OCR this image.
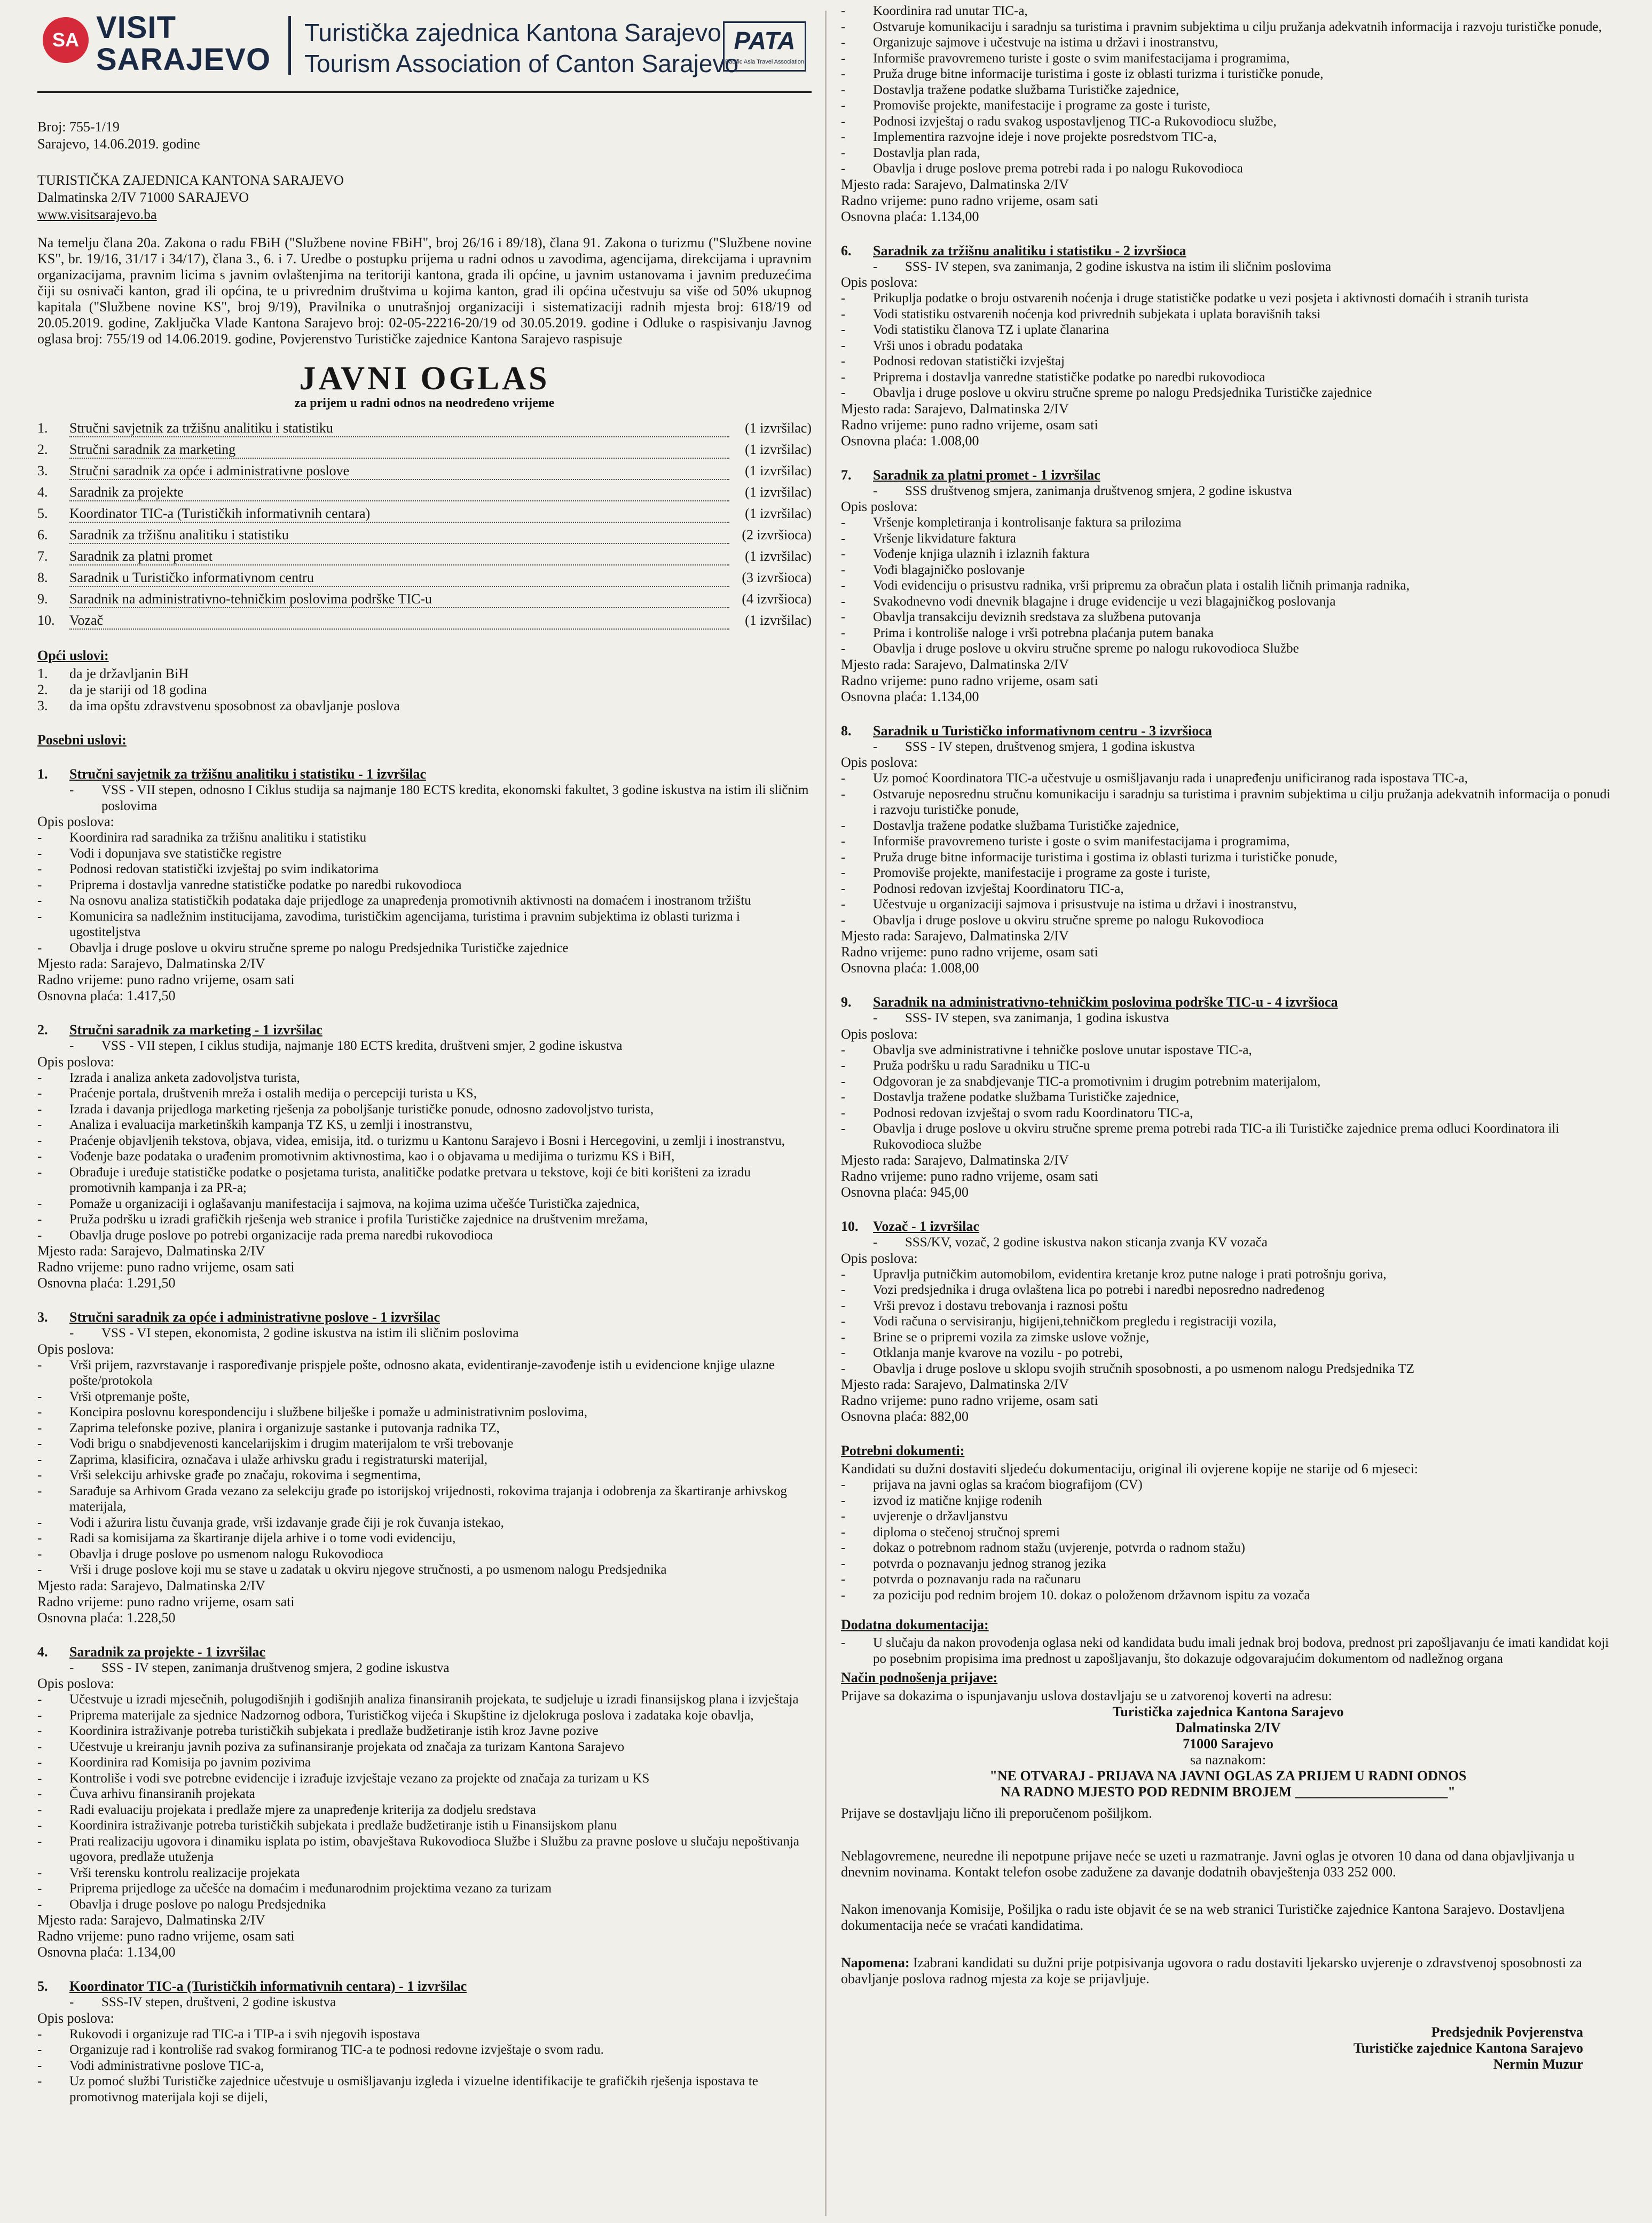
SA VISIT
SARAJEVO
Turistička zajednica Kantona Sarajevo
Tourism Association of Canton Sarajevo
PATA
Pacific Asia Travel Association

Broj: 755-1/19

Sarajevo, 14.06.2019. godine

TURISTIČKA ZAJEDNICA KANTONA SARAJEVO

Dalmatinska 2/IV 71000 SARAJEVO

www.visitsarajevo.ba

Na temelju člana 20a. Zakona o radu FBiH ("Službene novine FBiH", broj 26/16 i 89/18), člana 91. Zakona o turizmu ("Službene novine KS", br. 19/16, 31/17 i 34/17), člana 3., 6. i 7. Uredbe o postupku prijema u radni odnos u zavodima, agencijama, direkcijama i upravnim organizacijama, pravnim licima s javnim ovlaštenjima na teritoriji kantona, grada ili općine, u javnim ustanovama i javnim preduzećima čiji su osnivači kanton, grad ili općina, te u privrednim društvima u kojima kanton, grad ili općina učestvuju sa više od 50% ukupnog kapitala ("Službene novine KS", broj 9/19), Pravilnika o unutrašnjoj organizaciji i sistematizaciji radnih mjesta broj: 618/19 od 20.05.2019. godine, Zaključka Vlade Kantona Sarajevo broj: 02-05-22216-20/19 od 30.05.2019. godine i Odluke o raspisivanju Javnog oglasa broj: 755/19 od 14.06.2019. godine, Povjerenstvo Turističke zajednice Kantona Sarajevo raspisuje

JAVNI OGLAS
za prijem u radni odnos na neodređeno vrijeme
1.	Stručni savjetnik za tržišnu analitiku i statistiku	(1 izvršilac)
2.	Stručni saradnik za marketing	(1 izvršilac)
3.	Stručni saradnik za opće i administrativne poslove	(1 izvršilac)
4.	Saradnik za projekte	(1 izvršilac)
5.	Koordinator TIC-a (Turističkih informativnih centara)	(1 izvršilac)
6.	Saradnik za tržišnu analitiku i statistiku	(2 izvršioca)
7.	Saradnik za platni promet	(1 izvršilac)
8.	Saradnik u Turističko informativnom centru	(3 izvršioca)
9.	Saradnik na administrativno-tehničkim poslovima podrške TIC-u	(4 izvršioca)
10.	Vozač	(1 izvršilac)
Opći uslovi:
1.	da je državljanin BiH
2.	da je stariji od 18 godina
3.	da ima opštu zdravstvenu sposobnost za obavljanje poslova
Posebni uslovi:
1. Stručni savjetnik za tržišnu analitiku i statistiku - 1 izvršilac
-	VSS - VII stepen, odnosno I Ciklus studija sa najmanje 180 ECTS kredita, ekonomski fakultet, 3 godine iskustva na istim ili sličnim poslovima

Opis poslova:

-	Koordinira rad saradnika za tržišnu analitiku i statistiku
-	Vodi i dopunjava sve statističke registre
-	Podnosi redovan statistički izvještaj po svim indikatorima
-	Priprema i dostavlja vanredne statističke podatke po naredbi rukovodioca
-	Na osnovu analiza statističkih podataka daje prijedloge za unapređenja promotivnih aktivnosti na domaćem i inostranom tržištu
-	Komunicira sa nadležnim institucijama, zavodima, turističkim agencijama, turistima i pravnim subjektima iz oblasti turizma i ugostiteljstva
-	Obavlja i druge poslove u okviru stručne spreme po nalogu Predsjednika Turističke zajednice

Mjesto rada: Sarajevo, Dalmatinska 2/IV

Radno vrijeme: puno radno vrijeme, osam sati

Osnovna plaća: 1.417,50

2. Stručni saradnik za marketing - 1 izvršilac
-	VSS - VII stepen, I ciklus studija, najmanje 180 ECTS kredita, društveni smjer, 2 godine iskustva

Opis poslova:

-	Izrada i analiza anketa zadovoljstva turista,
-	Praćenje portala, društvenih mreža i ostalih medija o percepciji turista u KS,
-	Izrada i davanja prijedloga marketing rješenja za poboljšanje turističke ponude, odnosno zadovoljstvo turista,
-	Analiza i evaluacija marketinških kampanja TZ KS, u zemlji i inostranstvu,
-	Praćenje objavljenih tekstova, objava, videa, emisija, itd. o turizmu u Kantonu Sarajevo i Bosni i Hercegovini, u zemlji i inostranstvu,
-	Vođenje baze podataka o urađenim promotivnim aktivnostima, kao i o objavama u medijima o turizmu KS i BiH,
-	Obrađuje i uređuje statističke podatke o posjetama turista, analitičke podatke pretvara u tekstove, koji će biti korišteni za izradu promotivnih kampanja i za PR-a;
-	Pomaže u organizaciji i oglašavanju manifestacija i sajmova, na kojima uzima učešće Turistička zajednica,
-	Pruža podršku u izradi grafičkih rješenja web stranice i profila Turističke zajednice na društvenim mrežama,
-	Obavlja druge poslove po potrebi organizacije rada prema naredbi rukovodioca

Mjesto rada: Sarajevo, Dalmatinska 2/IV

Radno vrijeme: puno radno vrijeme, osam sati

Osnovna plaća: 1.291,50

3. Stručni saradnik za opće i administrativne poslove - 1 izvršilac
-	VSS - VI stepen, ekonomista, 2 godine iskustva na istim ili sličnim poslovima

Opis poslova:

-	Vrši prijem, razvrstavanje i raspoređivanje prispjele pošte, odnosno akata, evidentiranje-zavođenje istih u evidencione knjige ulazne pošte/protokola
-	Vrši otpremanje pošte,
-	Koncipira poslovnu korespondenciju i službene bilješke i pomaže u administrativnim poslovima,
-	Zaprima telefonske pozive, planira i organizuje sastanke i putovanja radnika TZ,
-	Vodi brigu o snabdjevenosti kancelarijskim i drugim materijalom te vrši trebovanje
-	Zaprima, klasificira, označava i ulaže arhivsku građu i registraturski materijal,
-	Vrši selekciju arhivske građe po značaju, rokovima i segmentima,
-	Sarađuje sa Arhivom Grada vezano za selekciju građe po istorijskoj vrijednosti, rokovima trajanja i odobrenja za škartiranje arhivskog materijala,
-	Vodi i ažurira listu čuvanja građe, vrši izdavanje građe čiji je rok čuvanja istekao,
-	Radi sa komisijama za škartiranje dijela arhive i o tome vodi evidenciju,
-	Obavlja i druge poslove po usmenom nalogu Rukovodioca
-	Vrši i druge poslove koji mu se stave u zadatak u okviru njegove stručnosti, a po usmenom nalogu Predsjednika

Mjesto rada: Sarajevo, Dalmatinska 2/IV

Radno vrijeme: puno radno vrijeme, osam sati

Osnovna plaća: 1.228,50

4. Saradnik za projekte - 1 izvršilac
-	SSS - IV stepen, zanimanja društvenog smjera, 2 godine iskustva

Opis poslova:

-	Učestvuje u izradi mjesečnih, polugodišnjih i godišnjih analiza finansiranih projekata, te sudjeluje u izradi finansijskog plana i izvještaja
-	Priprema materijale za sjednice Nadzornog odbora, Turističkog vijeća i Skupštine iz djelokruga poslova i zadataka koje obavlja,
-	Koordinira istraživanje potreba turističkih subjekata i predlaže budžetiranje istih kroz Javne pozive
-	Učestvuje u kreiranju javnih poziva za sufinansiranje projekata od značaja za turizam Kantona Sarajevo
-	Koordinira rad Komisija po javnim pozivima
-	Kontroliše i vodi sve potrebne evidencije i izrađuje izvještaje vezano za projekte od značaja za turizam u KS
-	Čuva arhivu finansiranih projekata
-	Radi evaluaciju projekata i predlaže mjere za unapređenje kriterija za dodjelu sredstava
-	Koordinira istraživanje potreba turističkih subjekata i predlaže budžetiranje istih u Finansijskom planu
-	Prati realizaciju ugovora i dinamiku isplata po istim, obavještava Rukovodioca Službe i Službu za pravne poslove u slučaju nepoštivanja ugovora, predlaže utuženja
-	Vrši terensku kontrolu realizacije projekata
-	Priprema prijedloge za učešće na domaćim i međunarodnim projektima vezano za turizam
-	Obavlja i druge poslove po nalogu Predsjednika

Mjesto rada: Sarajevo, Dalmatinska 2/IV

Radno vrijeme: puno radno vrijeme, osam sati

Osnovna plaća: 1.134,00

5. Koordinator TIC-a (Turističkih informativnih centara) - 1 izvršilac
-	SSS-IV stepen, društveni, 2 godine iskustva

Opis poslova:

-	Rukovodi i organizuje rad TIC-a i TIP-a i svih njegovih ispostava
-	Organizuje rad i kontroliše rad svakog formiranog TIC-a te podnosi redovne izvještaje o svom radu.
-	Vodi administrativne poslove TIC-a,
-	Uz pomoć službi Turističke zajednice učestvuje u osmišljavanju izgleda i vizuelne identifikacije te grafičkih rješenja ispostava te promotivnog materijala koji se dijeli,
-	Koordinira rad unutar TIC-a,
-	Ostvaruje komunikaciju i saradnju sa turistima i pravnim subjektima u cilju pružanja adekvatnih informacija i razvoju turističke ponude,
-	Organizuje sajmove i učestvuje na istima u državi i inostranstvu,
-	Informiše pravovremeno turiste i goste o svim manifestacijama i programima,
-	Pruža druge bitne informacije turistima i goste iz oblasti turizma i turističke ponude,
-	Dostavlja tražene podatke službama Turističke zajednice,
-	Promoviše projekte, manifestacije i programe za goste i turiste,
-	Podnosi izvještaj o radu svakog uspostavljenog TIC-a Rukovodiocu službe,
-	Implementira razvojne ideje i nove projekte posredstvom TIC-a,
-	Dostavlja plan rada,
-	Obavlja i druge poslove prema potrebi rada i po nalogu Rukovodioca

Mjesto rada: Sarajevo, Dalmatinska 2/IV

Radno vrijeme: puno radno vrijeme, osam sati

Osnovna plaća: 1.134,00

6. Saradnik za tržišnu analitiku i statistiku - 2 izvršioca
-	SSS- IV stepen, sva zanimanja, 2 godine iskustva na istim ili sličnim poslovima

Opis poslova:

-	Prikuplja podatke o broju ostvarenih noćenja i druge statističke podatke u vezi posjeta i aktivnosti domaćih i stranih turista
-	Vodi statistiku ostvarenih noćenja kod privrednih subjekata i uplata boravišnih taksi
-	Vodi statistiku članova TZ i uplate članarina
-	Vrši unos i obradu podataka
-	Podnosi redovan statistički izvještaj
-	Priprema i dostavlja vanredne statističke podatke po naredbi rukovodioca
-	Obavlja i druge poslove u okviru stručne spreme po nalogu Predsjednika Turističke zajednice

Mjesto rada: Sarajevo, Dalmatinska 2/IV

Radno vrijeme: puno radno vrijeme, osam sati

Osnovna plaća: 1.008,00

7. Saradnik za platni promet - 1 izvršilac
-	SSS društvenog smjera, zanimanja društvenog smjera, 2 godine iskustva

Opis poslova:

-	Vršenje kompletiranja i kontrolisanje faktura sa prilozima
-	Vršenje likvidature faktura
-	Vođenje knjiga ulaznih i izlaznih faktura
-	Vođi blagajničko poslovanje
-	Vodi evidenciju o prisustvu radnika, vrši pripremu za obračun plata i ostalih ličnih primanja radnika,
-	Svakodnevno vodi dnevnik blagajne i druge evidencije u vezi blagajničkog poslovanja
-	Obavlja transakciju deviznih sredstava za službena putovanja
-	Prima i kontroliše naloge i vrši potrebna plaćanja putem banaka
-	Obavlja i druge poslove u okviru stručne spreme po nalogu rukovodioca Službe

Mjesto rada: Sarajevo, Dalmatinska 2/IV

Radno vrijeme: puno radno vrijeme, osam sati

Osnovna plaća: 1.134,00

8. Saradnik u Turističko informativnom centru - 3 izvršioca
-	SSS - IV stepen, društvenog smjera, 1 godina iskustva

Opis poslova:

-	Uz pomoć Koordinatora TIC-a učestvuje u osmišljavanju rada i unapređenju unificiranog rada ispostava TIC-a,
-	Ostvaruje neposrednu stručnu komunikaciju i saradnju sa turistima i pravnim subjektima u cilju pružanja adekvatnih informacija o ponudi i razvoju turističke ponude,
-	Dostavlja tražene podatke službama Turističke zajednice,
-	Informiše pravovremeno turiste i goste o svim manifestacijama i programima,
-	Pruža druge bitne informacije turistima i gostima iz oblasti turizma i turističke ponude,
-	Promoviše projekte, manifestacije i programe za goste i turiste,
-	Podnosi redovan izvještaj Koordinatoru TIC-a,
-	Učestvuje u organizaciji sajmova i prisustvuje na istima u državi i inostranstvu,
-	Obavlja i druge poslove u okviru stručne spreme po nalogu Rukovodioca

Mjesto rada: Sarajevo, Dalmatinska 2/IV

Radno vrijeme: puno radno vrijeme, osam sati

Osnovna plaća: 1.008,00

9. Saradnik na administrativno-tehničkim poslovima podrške TIC-u - 4 izvršioca
-	SSS- IV stepen, sva zanimanja, 1 godina iskustva

Opis poslova:

-	Obavlja sve administrativne i tehničke poslove unutar ispostave TIC-a,
-	Pruža podršku u radu Saradniku u TIC-u
-	Odgovoran je za snabdjevanje TIC-a promotivnim i drugim potrebnim materijalom,
-	Dostavlja tražene podatke službama Turističke zajednice,
-	Podnosi redovan izvještaj o svom radu Koordinatoru TIC-a,
-	Obavlja i druge poslove u okviru stručne spreme prema potrebi rada TIC-a ili Turističke zajednice prema odluci Koordinatora ili Rukovodioca službe

Mjesto rada: Sarajevo, Dalmatinska 2/IV

Radno vrijeme: puno radno vrijeme, osam sati

Osnovna plaća: 945,00

10. Vozač - 1 izvršilac
-	SSS/KV, vozač, 2 godine iskustva nakon sticanja zvanja KV vozača

Opis poslova:

-	Upravlja putničkim automobilom, evidentira kretanje kroz putne naloge i prati potrošnju goriva,
-	Vozi predsjednika i druga ovlaštena lica po potrebi i naredbi neposredno nadređenog
-	Vrši prevoz i dostavu trebovanja i raznosi poštu
-	Vodi računa o servisiranju, higijeni,tehničkom pregledu i registraciji vozila,
-	Brine se o pripremi vozila za zimske uslove vožnje,
-	Otklanja manje kvarove na vozilu - po potrebi,
-	Obavlja i druge poslove u sklopu svojih stručnih sposobnosti, a po usmenom nalogu Predsjednika TZ

Mjesto rada: Sarajevo, Dalmatinska 2/IV

Radno vrijeme: puno radno vrijeme, osam sati

Osnovna plaća: 882,00

Potrebni dokumenti:

Kandidati su dužni dostaviti sljedeću dokumentaciju, original ili ovjerene kopije ne starije od 6 mjeseci:

-	prijava na javni oglas sa kraćom biografijom (CV)
-	izvod iz matične knjige rođenih
-	uvjerenje o državljanstvu
-	diploma o stečenoj stručnoj spremi
-	dokaz o potrebnom radnom stažu (uvjerenje, potvrda o radnom stažu)
-	potvrda o poznavanju jednog stranog jezika
-	potvrda o poznavanju rada na računaru
-	za poziciju pod rednim brojem 10. dokaz o položenom državnom ispitu za vozača
Dodatna dokumentacija:
-	U slučaju da nakon provođenja oglasa neki od kandidata budu imali jednak broj bodova, prednost pri zapošljavanju će imati kandidat koji po posebnim propisima ima prednost u zapošljavanju, što dokazuje odgovarajućim dokumentom od nadležnog organa
Način podnošenja prijave:

Prijave sa dokazima o ispunjavanju uslova dostavljaju se u zatvorenoj koverti na adresu:

Turistička zajednica Kantona Sarajevo
Dalmatinska 2/IV
71000 Sarajevo
sa naznakom:
"NE OTVARAJ - PRIJAVA NA JAVNI OGLAS ZA PRIJEM U RADNI ODNOS
NA RADNO MJESTO POD REDNIM BROJEM ______________________"

Prijave se dostavljaju lično ili preporučenom pošiljkom.

Neblagovremene, neuredne ili nepotpune prijave neće se uzeti u razmatranje. Javni oglas je otvoren 10 dana od dana objavljivanja u dnevnim novinama. Kontakt telefon osobe zadužene za davanje dodatnih obavještenja 033 252 000.

Nakon imenovanja Komisije, Pošiljka o radu iste objavit će se na web stranici Turističke zajednice Kantona Sarajevo. Dostavljena dokumentacija neće se vraćati kandidatima.

Napomena: Izabrani kandidati su dužni prije potpisivanja ugovora o radu dostaviti ljekarsko uvjerenje o zdravstvenoj sposobnosti za obavljanje poslova radnog mjesta za koje se prijavljuje.

Predsjednik Povjerenstva
Turističke zajednice Kantona Sarajevo
Nermin Muzur
